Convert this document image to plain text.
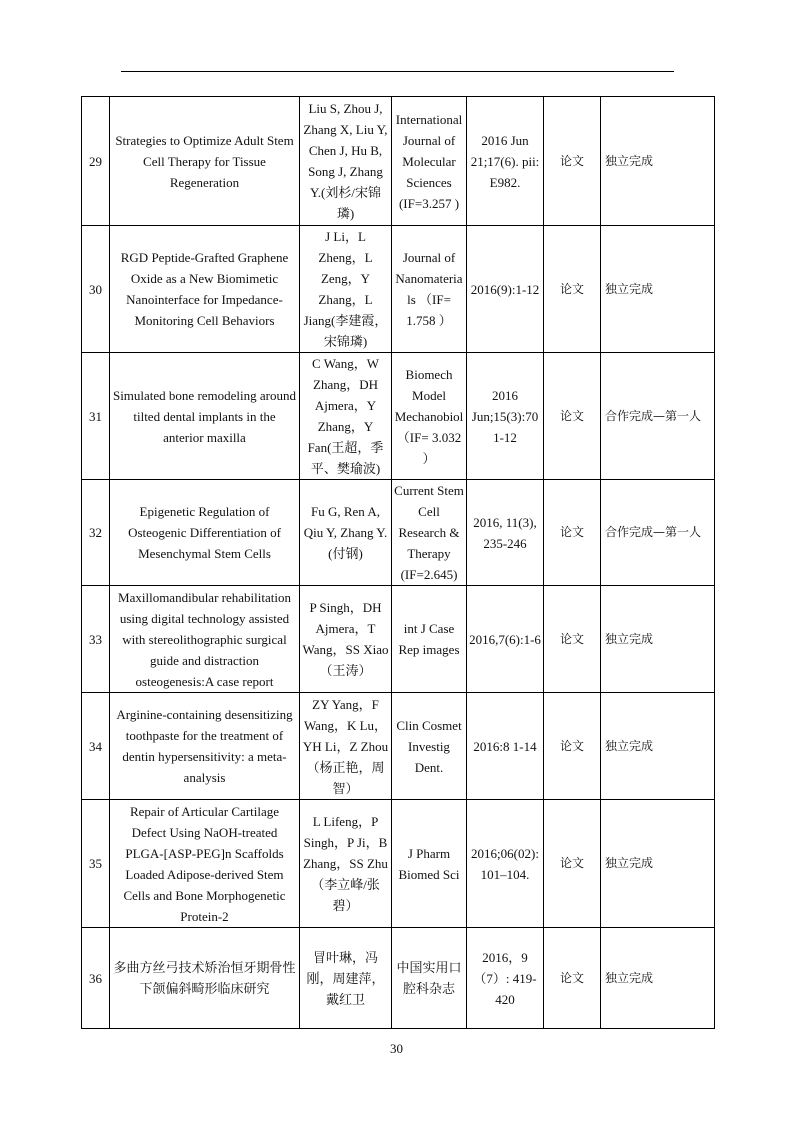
29	Strategies to Optimize Adult Stem Cell Therapy for Tissue Regeneration	Liu S, Zhou J, Zhang X, Liu Y, Chen J, Hu B, Song J, Zhang Y.(刘杉/宋锦璘)	International Journal of Molecular Sciences (IF=3.257 )	2016 Jun 21;17(6). pii: E982.	论文	独立完成
30	RGD Peptide-Grafted Graphene Oxide as a New Biomimetic Nanointerface for Impedance-Monitoring Cell Behaviors	J Li，L Zheng，L Zeng，Y Zhang，L Jiang(李建霞，宋锦璘)	Journal of Nanomaterials （IF= 1.758 ）	2016(9):1-12	论文	独立完成
31	Simulated bone remodeling around tilted dental implants in the anterior maxilla	C Wang，W Zhang，DH Ajmera，Y Zhang，Y Fan(王超，季平、樊瑜波)	Biomech Model Mechanobiol （IF= 3.032 ）	2016 Jun;15(3):701-12	论文	合作完成—第一人
32	Epigenetic Regulation of Osteogenic Differentiation of Mesenchymal Stem Cells	Fu G, Ren A, Qiu Y, Zhang Y.(付钢)	Current Stem Cell Research & Therapy (IF=2.645)	2016, 11(3), 235-246	论文	合作完成—第一人
33	Maxillomandibular rehabilitation using digital technology assisted with stereolithographic surgical guide and distraction osteogenesis:A case report	P Singh，DH Ajmera，T Wang，SS Xiao（王涛）	int J Case Rep images	2016,7(6):1-6	论文	独立完成
34	Arginine-containing desensitizing toothpaste for the treatment of dentin hypersensitivity: a meta-analysis	ZY Yang，F Wang，K Lu，YH Li，Z Zhou（杨正艳，周智）	Clin Cosmet Investig Dent.	2016:8 1-14	论文	独立完成
35	Repair of Articular Cartilage Defect Using NaOH-treated PLGA-[ASP-PEG]n Scaffolds Loaded Adipose-derived Stem Cells and Bone Morphogenetic Protein-2	L Lifeng，P Singh，P Ji，B Zhang，SS Zhu（李立峰/张碧）	J Pharm Biomed Sci	2016;06(02): 101–104.	论文	独立完成
36	多曲方丝弓技术矫治恒牙期骨性下颌偏斜畸形临床研究	冒叶琳，冯刚，周建萍，戴红卫	中国实用口腔科杂志	2016，9（7）: 419-420	论文	独立完成
30
